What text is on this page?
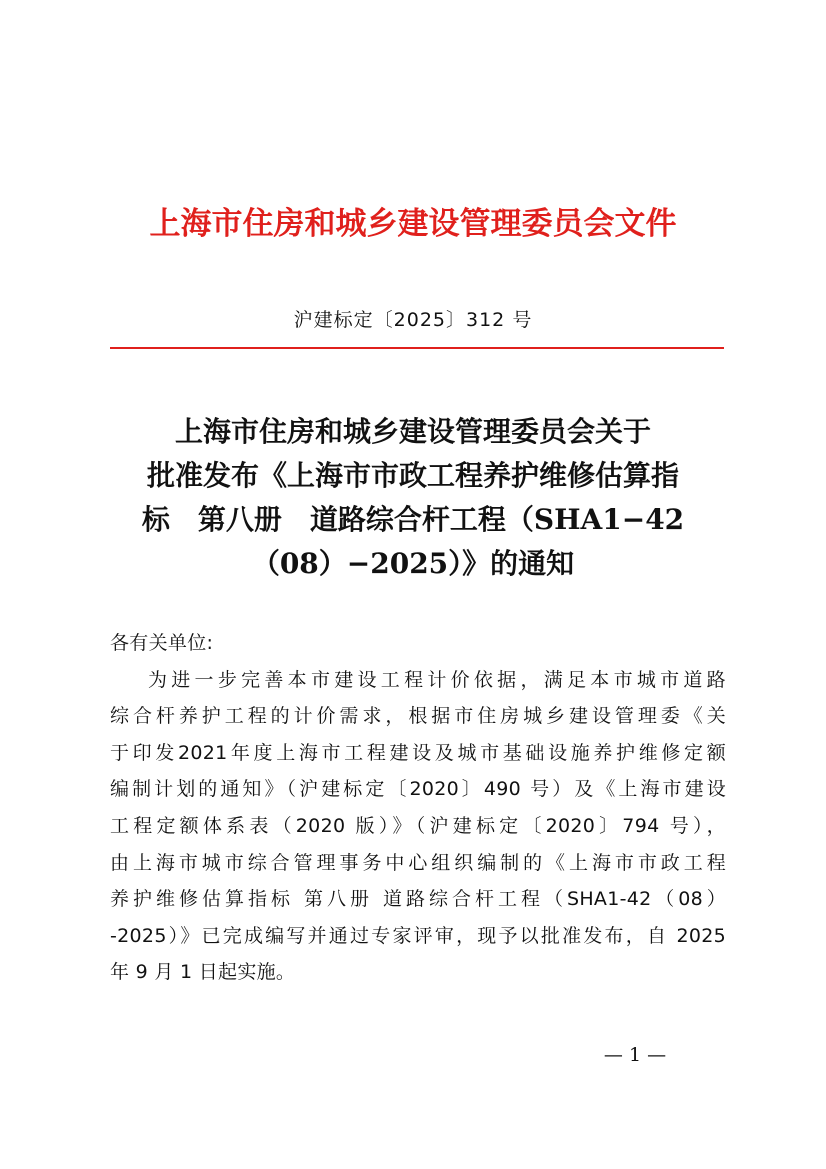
上海市住房和城乡建设管理委员会文件
沪建标定〔2025〕312 号
上海市住房和城乡建设管理委员会关于
批准发布《上海市市政工程养护维修估算指
标　第八册　道路综合杆工程（SHA1−42
（08）−2025）》的通知
各有关单位:
为进一步完善本市建设工程计价依据，满足本市城市道路
综合杆养护工程的计价需求，根据市住房城乡建设管理委《关
于印发2021年度上海市工程建设及城市基础设施养护维修定额
编制计划的通知》（沪建标定〔2020〕490 号）及《上海市建设
工程定额体系表（2020 版）》（沪建标定〔2020〕794 号），
由上海市城市综合管理事务中心组织编制的《上海市市政工程
养护维修估算指标 第八册 道路综合杆工程（SHA1-42（08）
-2025）》已完成编写并通过专家评审，现予以批准发布，自 2025
年 9 月 1 日起实施。
— 1 —
